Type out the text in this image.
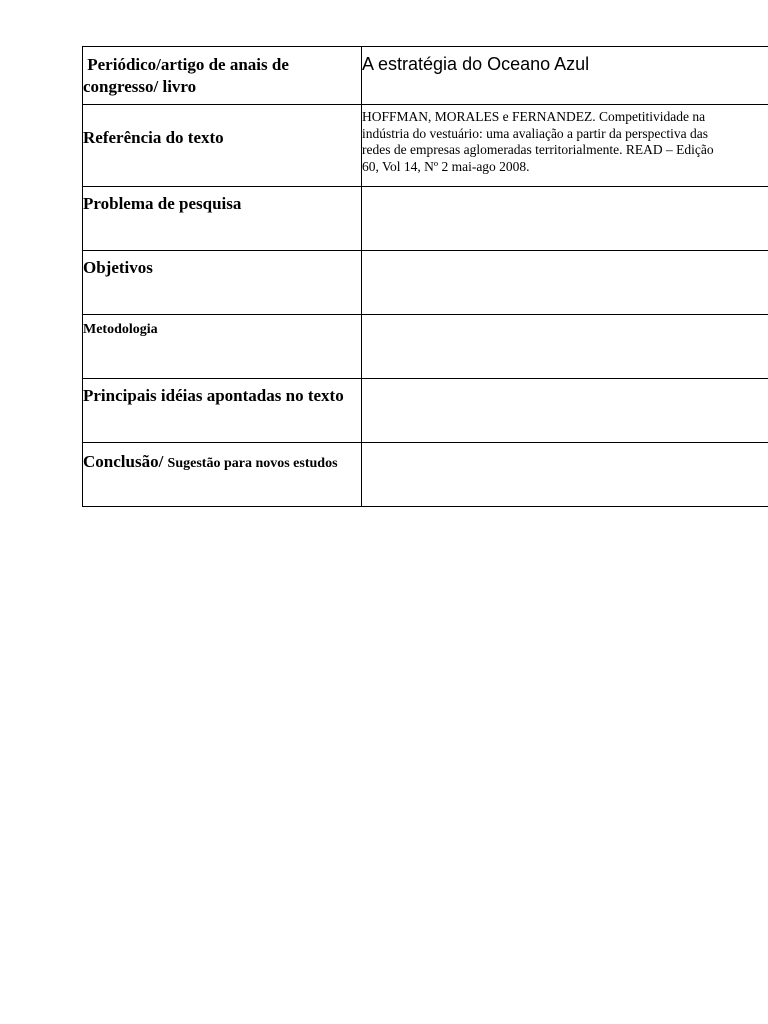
Periódico/artigo de anais de congresso/ livro	A estratégia do Oceano Azul

Referência do texto	HOFFMAN, MORALES e FERNANDEZ. Competitividade na
indústria do vestuário: uma avaliação a partir da perspectiva das
redes de empresas aglomeradas territorialmente. READ – Edição
60, Vol 14, Nº 2 mai-ago 2008.

Problema de pesquisa	

Objetivos	

Metodologia	

Principais idéias apontadas no texto	

Conclusão/ Sugestão para novos estudos	
